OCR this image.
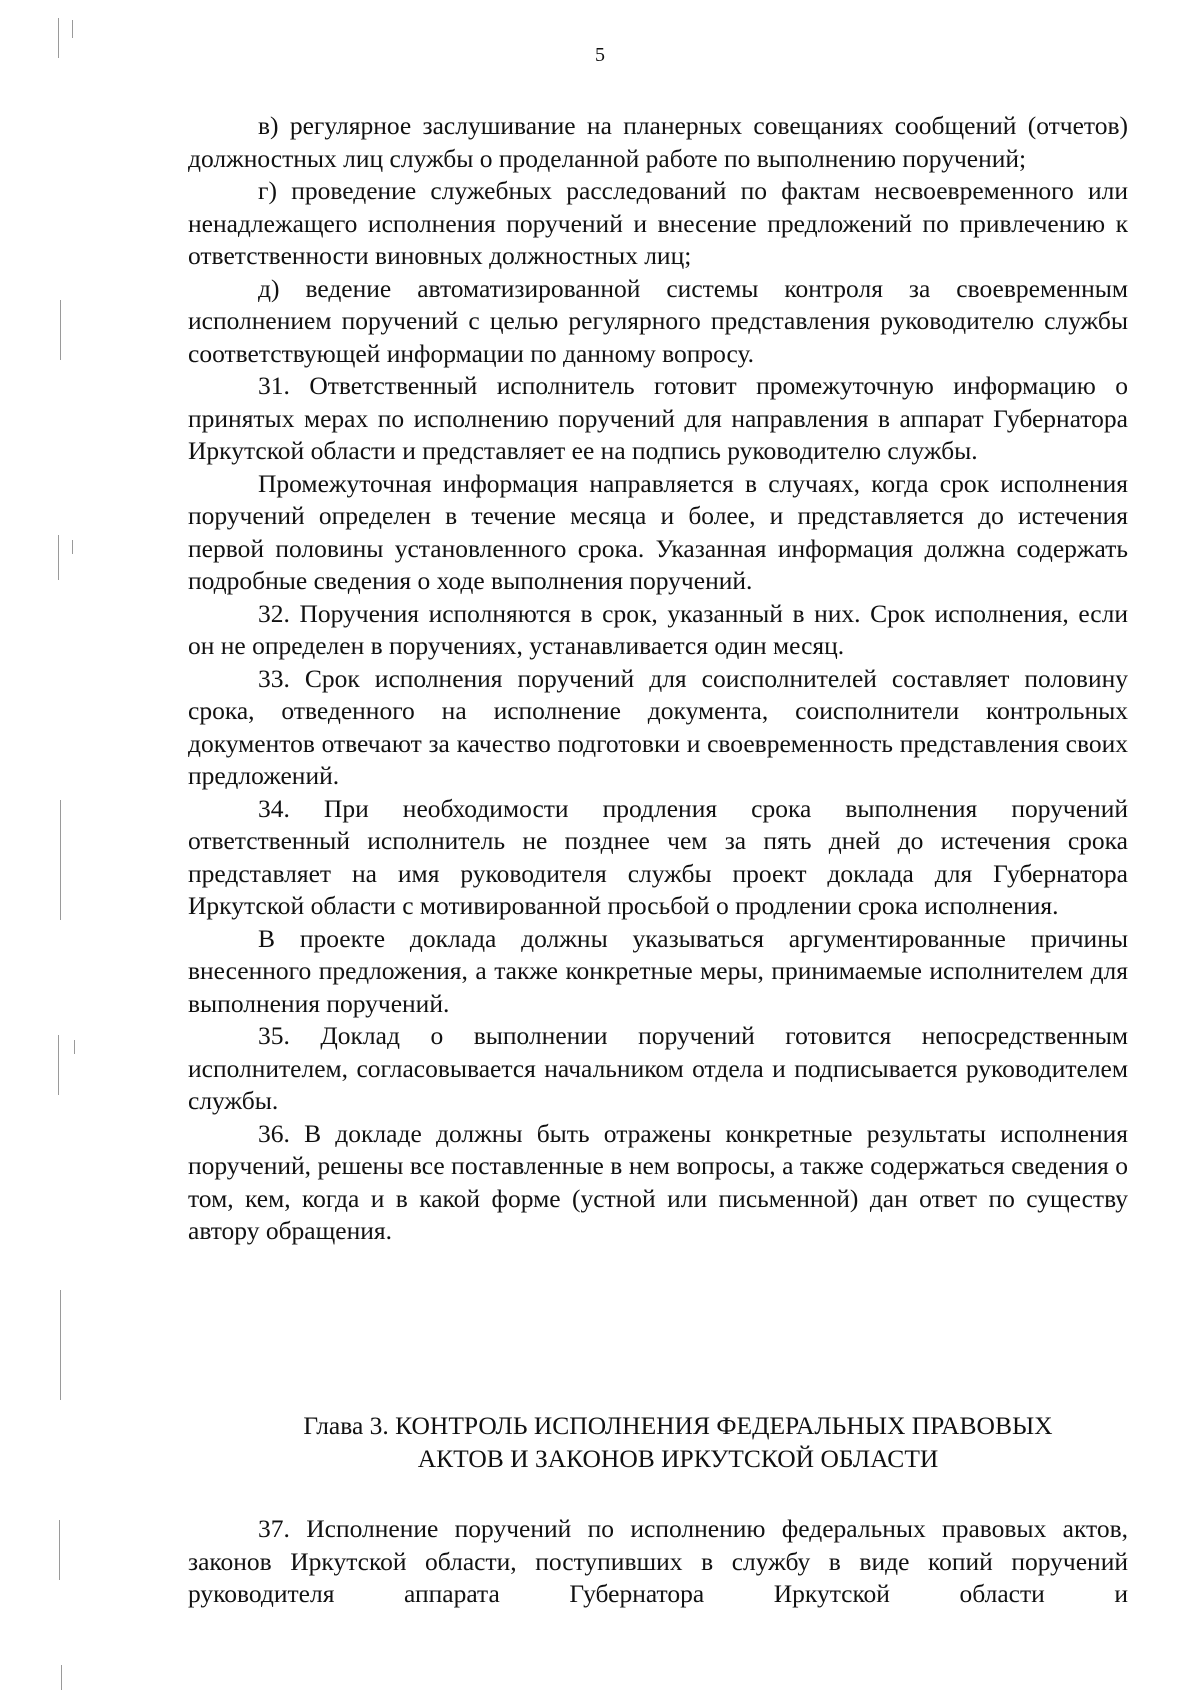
5

в) регулярное заслушивание на планерных совещаниях сообщений (отчетов) должностных лиц службы о проделанной работе по выполнению поручений;

г) проведение служебных расследований по фактам несвоевременного или ненадлежащего исполнения поручений и внесение предложений по привлечению к ответственности виновных должностных лиц;

д) ведение автоматизированной системы контроля за своевременным исполнением поручений с целью регулярного представления руководителю службы соответствующей информации по данному вопросу.

31. Ответственный исполнитель готовит промежуточную информацию о принятых мерах по исполнению поручений для направления в аппарат Губернатора Иркутской области и представляет ее на подпись руководителю службы.

Промежуточная информация направляется в случаях, когда срок исполнения поручений определен в течение месяца и более, и представляется до истечения первой половины установленного срока. Указанная информация должна содержать подробные сведения о ходе выполнения поручений.

32. Поручения исполняются в срок, указанный в них. Срок исполнения, если он не определен в поручениях, устанавливается один месяц.

33. Срок исполнения поручений для соисполнителей составляет половину срока, отведенного на исполнение документа, соисполнители контрольных документов отвечают за качество подготовки и своевременность представления своих предложений.

34. При необходимости продления срока выполнения поручений ответственный исполнитель не позднее чем за пять дней до истечения срока представляет на имя руководителя службы проект доклада для Губернатора Иркутской области с мотивированной просьбой о продлении срока исполнения.

В проекте доклада должны указываться аргументированные причины внесенного предложения, а также конкретные меры, принимаемые исполнителем для выполнения поручений.

35. Доклад о выполнении поручений готовится непосредственным исполнителем, согласовывается начальником отдела и подписывается руководителем службы.

36. В докладе должны быть отражены конкретные результаты исполнения поручений, решены все поставленные в нем вопросы, а также содержаться сведения о том, кем, когда и в какой форме (устной или письменной) дан ответ по существу автору обращения.

Глава 3. КОНТРОЛЬ ИСПОЛНЕНИЯ ФЕДЕРАЛЬНЫХ ПРАВОВЫХ
АКТОВ И ЗАКОНОВ ИРКУТСКОЙ ОБЛАСТИ

37. Исполнение поручений по исполнению федеральных правовых актов, законов Иркутской области, поступивших в службу в виде копий поручений руководителя аппарата Губернатора Иркутской области и
